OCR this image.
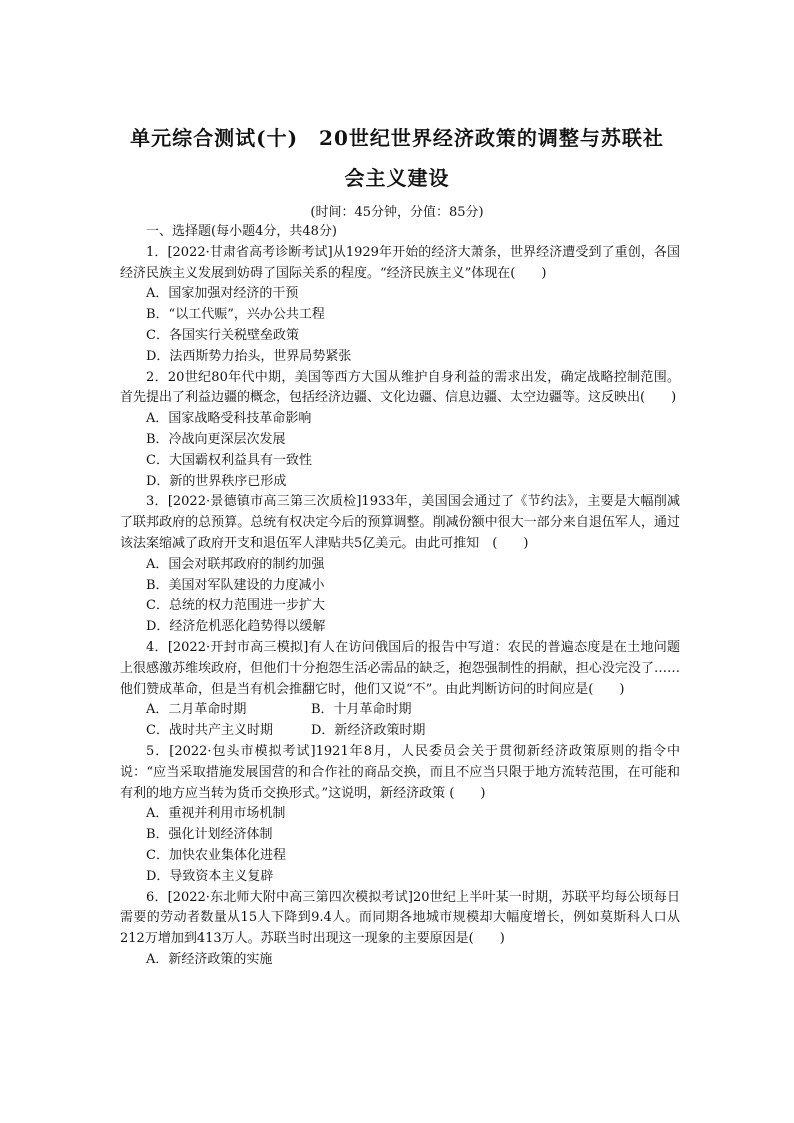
单元综合测试(十)　20世纪世界经济政策的调整与苏联社
会主义建设
(时间：45分钟，分值：85分)

一、选择题(每小题4分，共48分)

1．[2022·甘肃省高考诊断考试]从1929年开始的经济大萧条，世界经济遭受到了重创，各国经济民族主义发展到妨碍了国际关系的程度。“经济民族主义”体现在(　　)

A．国家加强对经济的干预

B．“以工代赈”，兴办公共工程

C．各国实行关税壁垒政策

D．法西斯势力抬头，世界局势紧张

2．20世纪80年代中期，美国等西方大国从维护自身利益的需求出发，确定战略控制范围。首先提出了利益边疆的概念，包括经济边疆、文化边疆、信息边疆、太空边疆等。这反映出(　　)

A．国家战略受科技革命影响

B．冷战向更深层次发展

C．大国霸权利益具有一致性

D．新的世界秩序已形成

3．[2022·景德镇市高三第三次质检]1933年，美国国会通过了《节约法》，主要是大幅削减了联邦政府的总预算。总统有权决定今后的预算调整。削减份额中很大一部分来自退伍军人，通过该法案缩减了政府开支和退伍军人津贴共5亿美元。由此可推知　(　　)

A．国会对联邦政府的制约加强

B．美国对军队建设的力度减小

C．总统的权力范围进一步扩大

D．经济危机恶化趋势得以缓解

4．[2022·开封市高三模拟]有人在访问俄国后的报告中写道：农民的普遍态度是在土地问题上很感激苏维埃政府，但他们十分抱怨生活必需品的缺乏，抱怨强制性的捐献，担心没完没了……他们赞成革命，但是当有机会推翻它时，他们又说“不”。由此判断访问的时间应是(　　)

A．二月革命时期	B．十月革命时期

C．战时共产主义时期	D．新经济政策时期

5．[2022·包头市模拟考试]1921年8月，人民委员会关于贯彻新经济政策原则的指令中说：“应当采取措施发展国营的和合作社的商品交换，而且不应当只限于地方流转范围，在可能和有利的地方应当转为货币交换形式。”这说明，新经济政策 (　　)

A．重视并利用市场机制

B．强化计划经济体制

C．加快农业集体化进程

D．导致资本主义复辟

6．[2022·东北师大附中高三第四次模拟考试]20世纪上半叶某一时期，苏联平均每公顷每日需要的劳动者数量从15人下降到9.4人。而同期各地城市规模却大幅度增长，例如莫斯科人口从212万增加到413万人。苏联当时出现这一现象的主要原因是(　　)

A．新经济政策的实施
